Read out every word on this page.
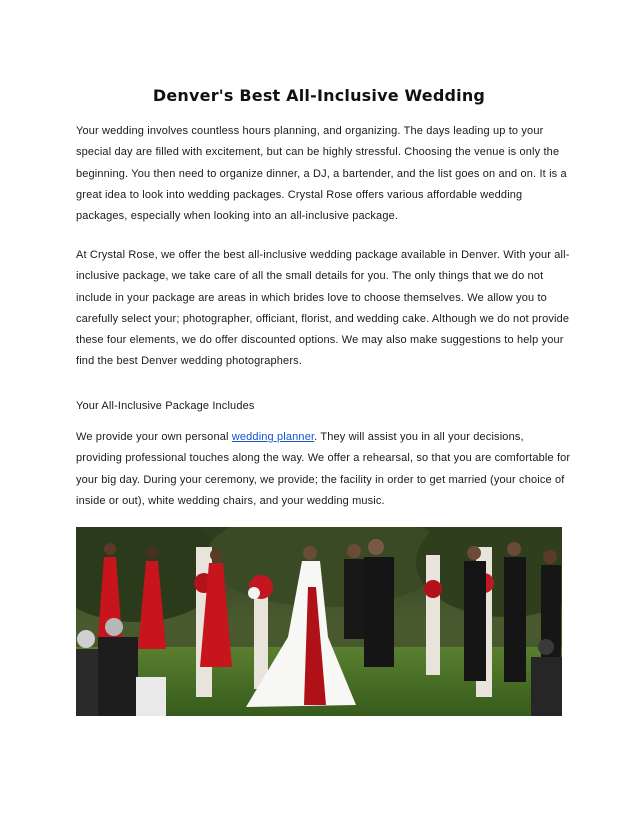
Denver's Best All-Inclusive Wedding

Your wedding involves countless hours planning, and organizing. The days leading up to your special day are filled with excitement, but can be highly stressful. Choosing the venue is only the beginning. You then need to organize dinner, a DJ, a bartender, and the list goes on and on. It is a great idea to look into wedding packages. Crystal Rose offers various affordable wedding packages, especially when looking into an all-inclusive package.

At Crystal Rose, we offer the best all-inclusive wedding package available in Denver. With your all-inclusive package, we take care of all the small details for you. The only things that we do not include in your package are areas in which brides love to choose themselves. We allow you to carefully select your; photographer, officiant, florist, and wedding cake. Although we do not provide these four elements, we do offer discounted options. We may also make suggestions to help your find the best Denver wedding photographers.

Your All-Inclusive Package Includes

We provide your own personal wedding planner. They will assist you in all your decisions, providing professional touches along the way. We offer a rehearsal, so that you are comfortable for your big day. During your ceremony, we provide; the facility in order to get married (your choice of inside or out), white wedding chairs, and your wedding music.
